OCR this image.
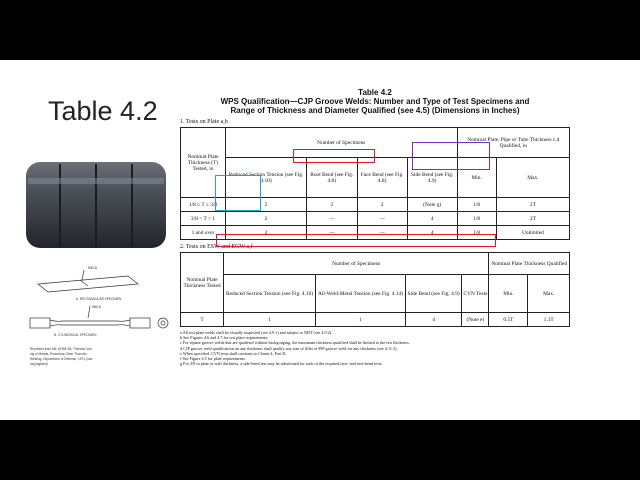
Table 4.2
WELD
A. RECTANGULAR SPECIMEN
WELD
B. CYLINDRICAL SPECIMEN
Reprinted from MIL HDBK 55, Thermal Join-
ing of Metals, Procedure Other Than Arc
Welding, Department of Defense, 1971 (non-
copyrighted).
Table 4.2
WPS Qualification—CJP Groove Welds: Number and Type of Test Specimens and
Range of Thickness and Diameter Qualified (see 4.5) (Dimensions in Inches)
1. Tests on Plate a,b
Nominal Plate Thickness (T) Tested, in	Number of Specimens				Nominal Plate, Pipe or Tube Thickness c,d Qualified, in	
	Reduced Section Tension (see Fig. 4.10)	Root Bend (see Fig. 4.8)	Face Bend (see Fig. 4.8)	Side Bend (see Fig. 4.9)	Min.	Max.
1/8 ≤ T ≤ 3/8	2	2	2	(Note g)	1/8	2T
3/8 < T < 1	2	—	—	4	1/8	2T
1 and over	2	—	—	4	1/8	Unlimited
2. Tests on ESW and EGW a,f
Nominal Plate Thickness Tested	Number of Specimens				Nominal Plate Thickness Qualified	
	Reduced Section Tension (see Fig. 4.10)	All-Weld-Metal Tension (see Fig. 4.14)	Side Bend (see Fig. 4.9)	CVN Tests	Min.	Max.
T	1	1	4	(Note e)	0.5T	1.1T
a All test plate welds shall be visually inspected (see 4.9.1) and subject to NDT (see 4.9.2).
b See Figures 4.6 and 4.7 for test plate requirements.
c For square groove welds that are qualified without backgouging, the maximum thickness qualified shall be limited to the test thickness.
d CJP groove weld qualification on any thickness shall qualify any size of fillet or PJP groove weld for any thickness (see 4.11.3).
e When specified, CVN tests shall conform to Clause 4, Part D.
f See Figure 4.5 for plate requirements.
g For 3/8 in plate or wall thickness, a side-bend test may be substituted for each of the required face- and root-bend tests.
